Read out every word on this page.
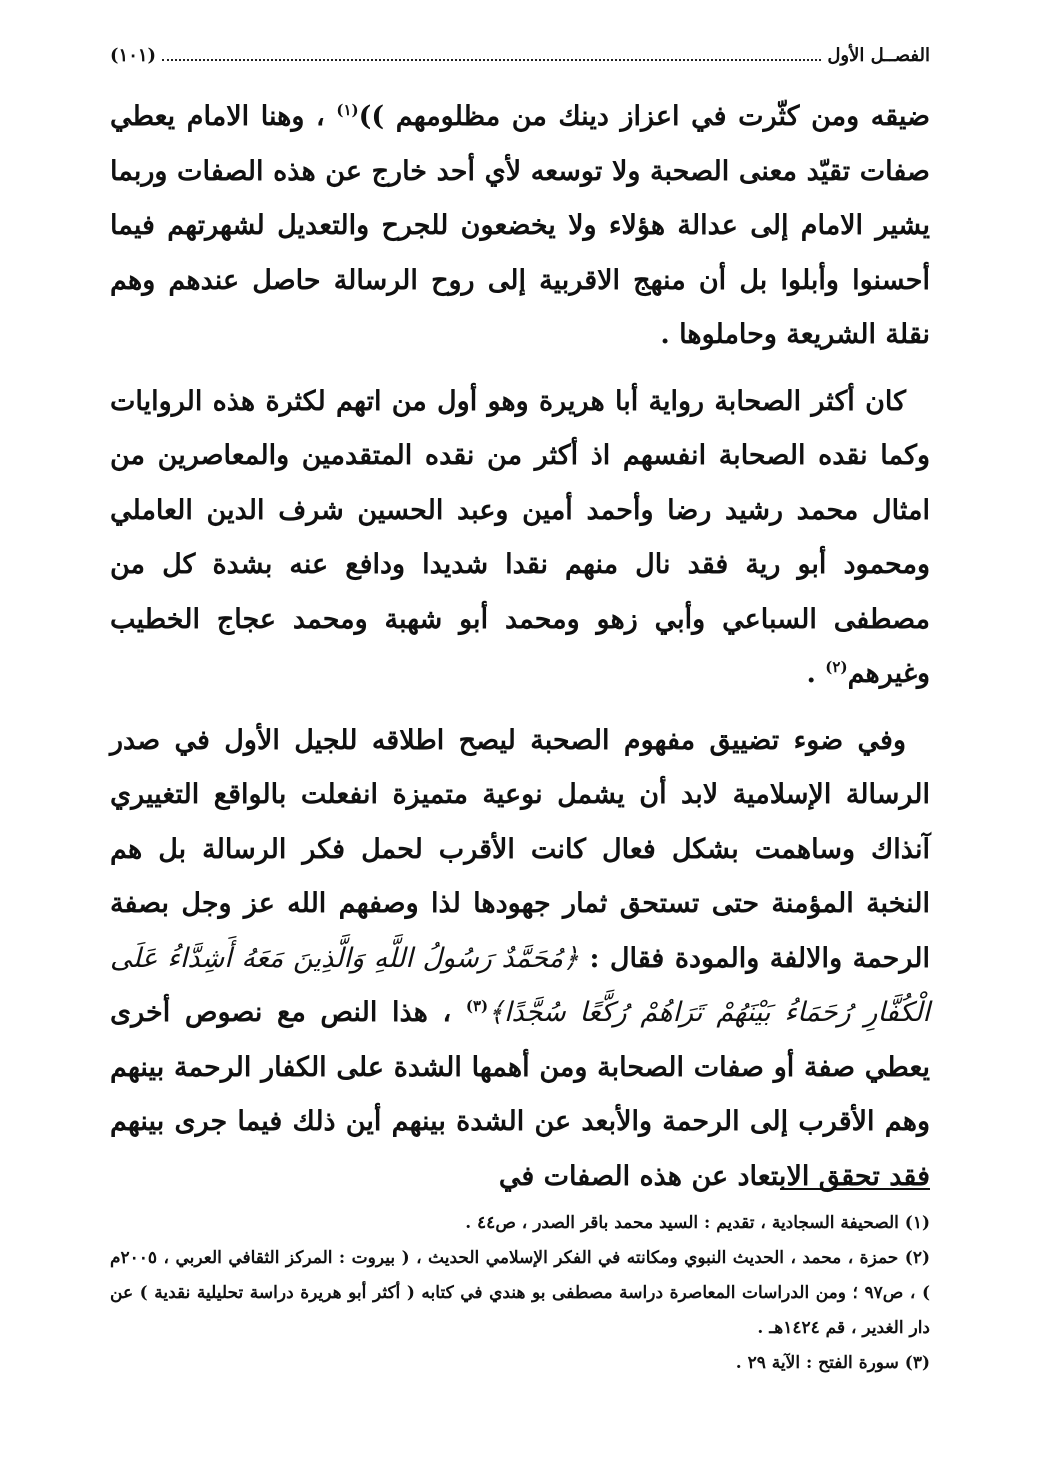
الفصــل الأول
(١٠١)

ضيقه ومن كثّرت في اعزاز دينك من مظلومهم ))$^{(١)}$ ، وهنا الامام يعطي صفات تقيّد معنى الصحبة ولا توسعه لأي أحد خارج عن هذه الصفات وربما يشير الامام إلى عدالة هؤلاء ولا يخضعون للجرح والتعديل لشهرتهم فيما أحسنوا وأبلوا بل أن منهج الاقربية إلى روح الرسالة حاصل عندهم وهم نقلة الشريعة وحاملوها .

كان أكثر الصحابة رواية أبا هريرة وهو أول من اتهم لكثرة هذه الروايات وكما نقده الصحابة انفسهم اذ أكثر من نقده المتقدمين والمعاصرين من امثال محمد رشيد رضا وأحمد أمين وعبد الحسين شرف الدين العاملي ومحمود أبو رية فقد نال منهم نقدا شديدا ودافع عنه بشدة كل من مصطفى السباعي وأبي زهو ومحمد أبو شهبة ومحمد عجاج الخطيب وغيرهم$^{(٢)}$ .

وفي ضوء تضييق مفهوم الصحبة ليصح اطلاقه للجيل الأول في صدر الرسالة الإسلامية لابد أن يشمل نوعية متميزة انفعلت بالواقع التغييري آنذاك وساهمت بشكل فعال كانت الأقرب لحمل فكر الرسالة بل هم النخبة المؤمنة حتى تستحق ثمار جهودها لذا وصفهم الله عز وجل بصفة الرحمة والالفة والمودة فقال : ﴿مُحَمَّدٌ رَسُولُ اللَّهِ وَالَّذِينَ مَعَهُ أَشِدَّاءُ عَلَى الْكُفَّارِ رُحَمَاءُ بَيْنَهُمْ تَرَاهُمْ رُكَّعًا سُجَّدًا﴾$^{(٣)}$ ، هذا النص مع نصوص أخرى يعطي صفة أو صفات الصحابة ومن أهمها الشدة على الكفار الرحمة بينهم وهم الأقرب إلى الرحمة والأبعد عن الشدة بينهم أين ذلك فيما جرى بينهم فقد تحقق الابتعاد عن هذه الصفات في

(١) الصحيفة السجادية ، تقديم : السيد محمد باقر الصدر ، ص٤٤ .

(٢) حمزة ، محمد ، الحديث النبوي ومكانته في الفكر الإسلامي الحديث ، ( بيروت : المركز الثقافي العربي ، ٢٠٠٥م ) ، ص٩٧ ؛ ومن الدراسات المعاصرة دراسة مصطفى بو هندي في كتابه ( أكثر أبو هريرة دراسة تحليلية نقدية ) عن دار الغدير ، قم ١٤٢٤هـ .

(٣) سورة الفتح : الآية ٢٩ .
